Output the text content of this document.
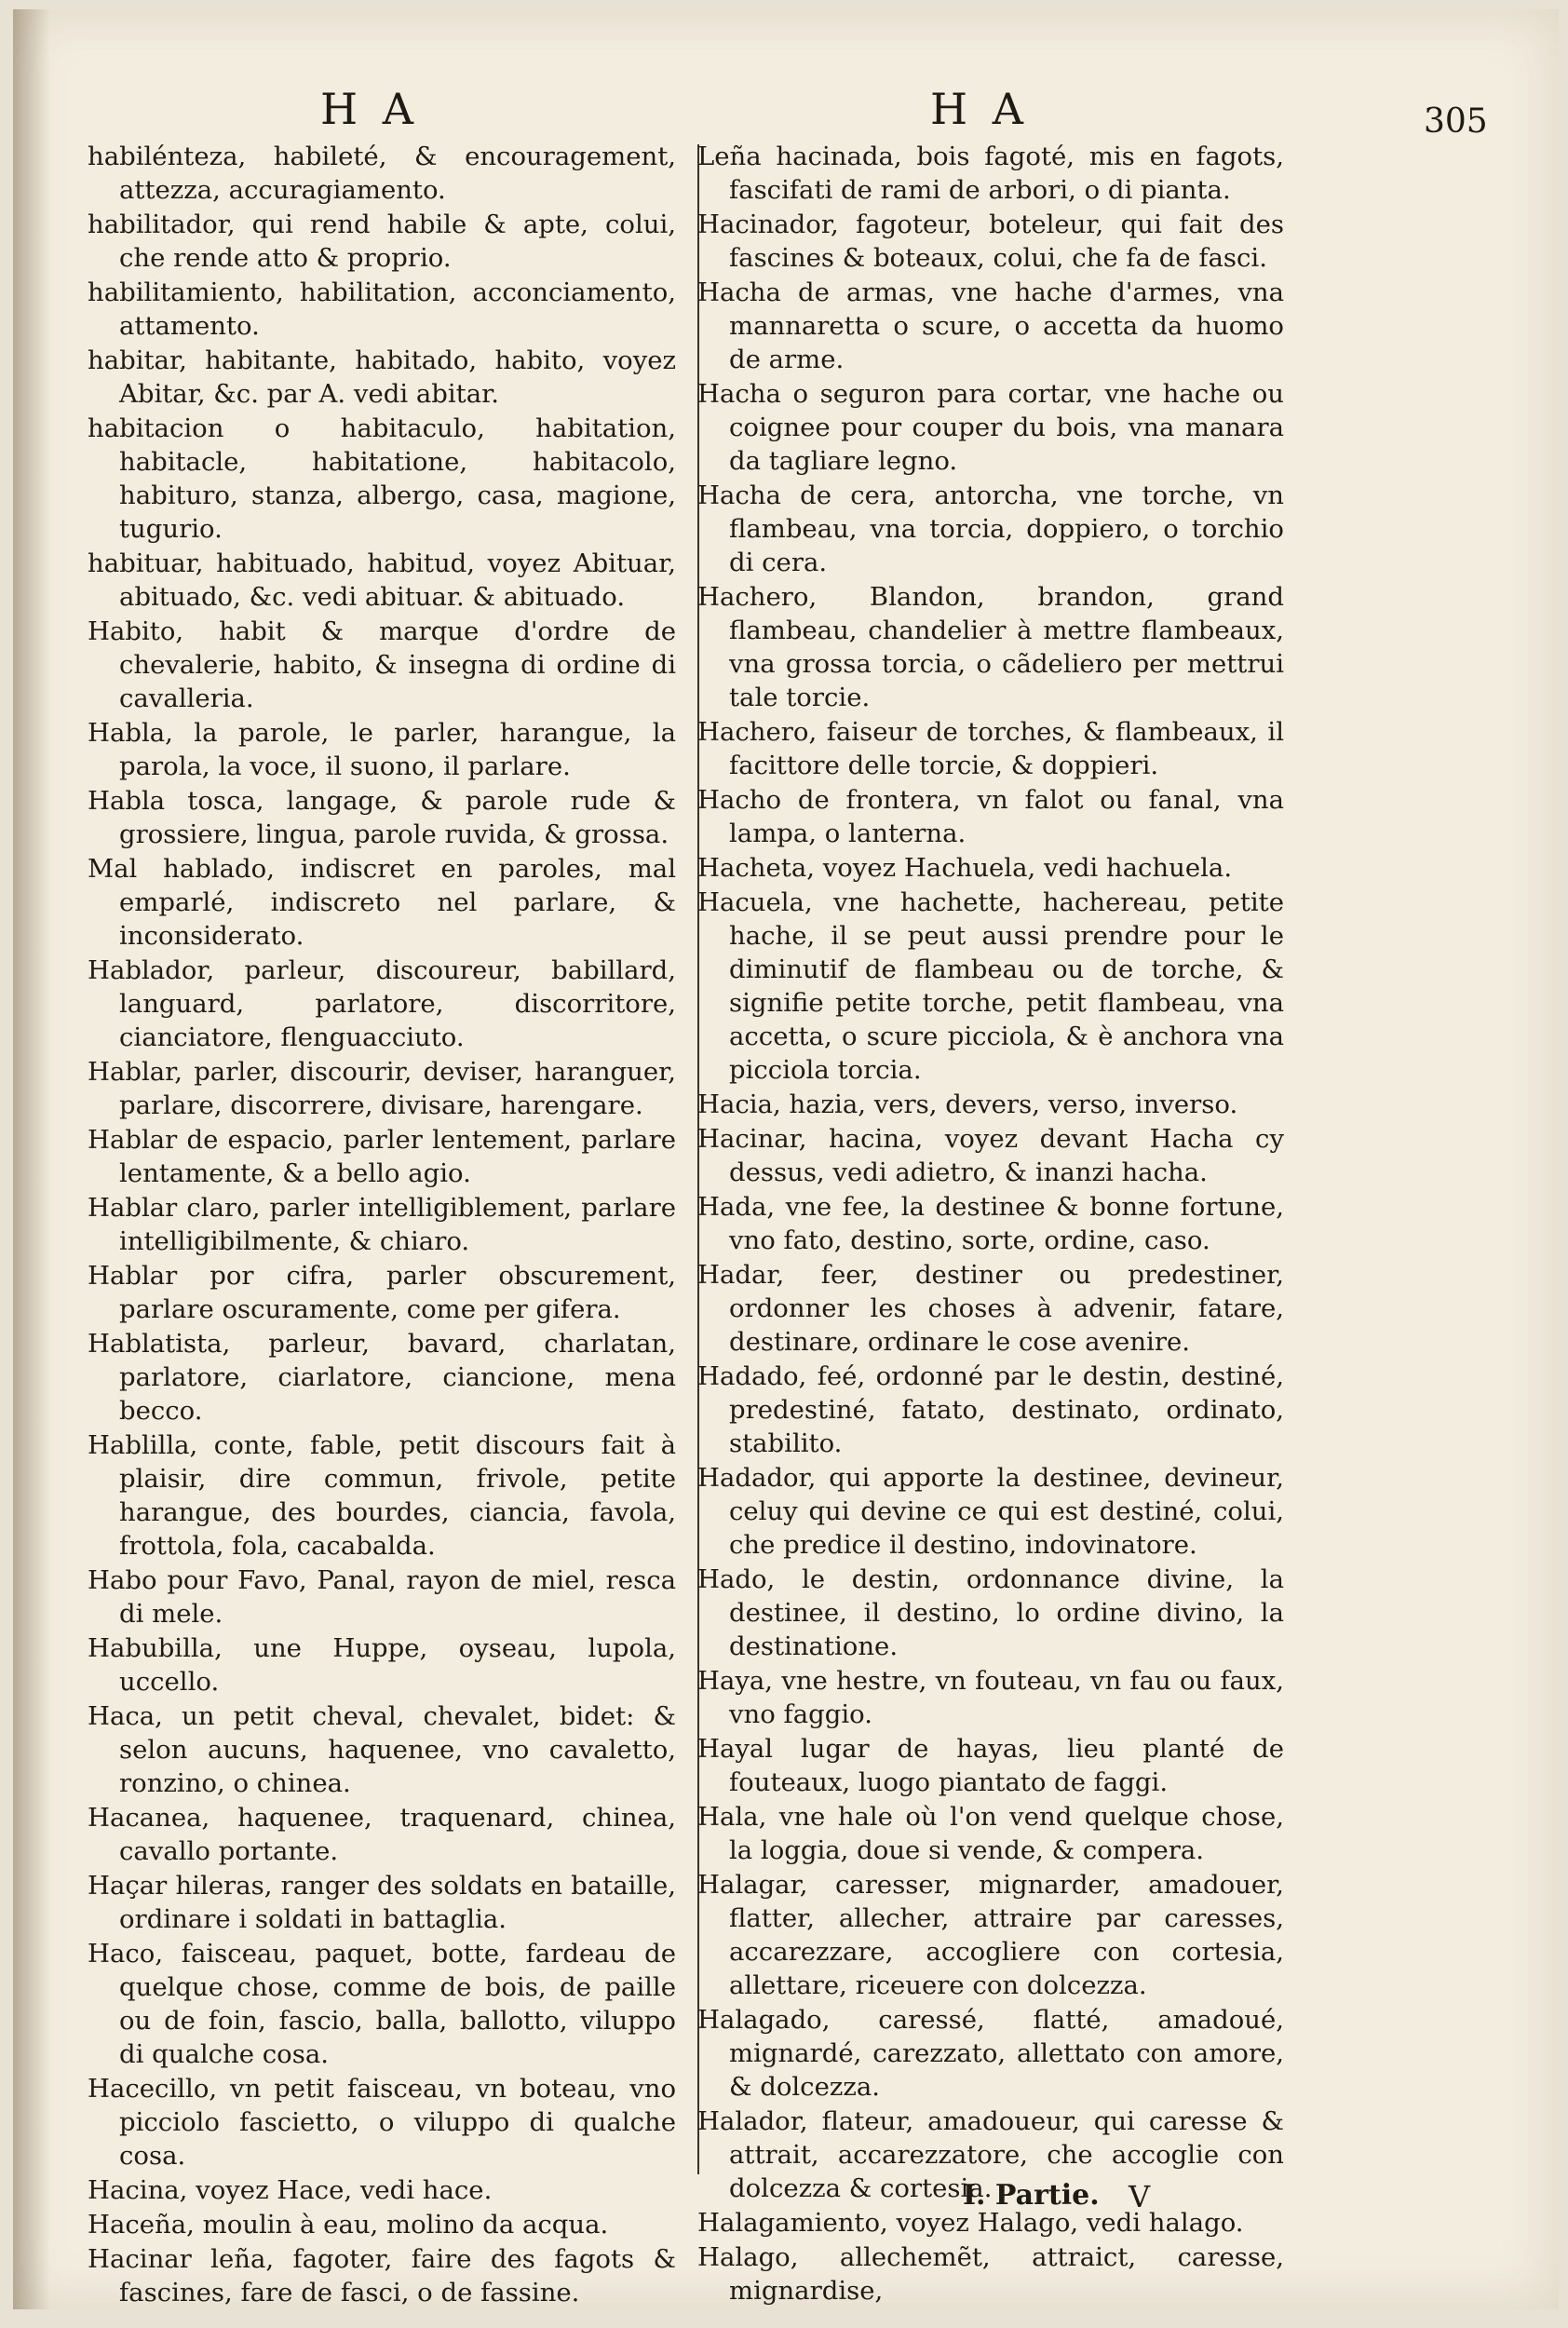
H A	H A	305

habilénteza, habileté, & encouragement, attezza, accuragiamento.

habilitador, qui rend habile & apte, colui, che rende atto & proprio.

habilitamiento, habilitation, acconciamento, attamento.

habitar, habitante, habitado, habito, voyez Abitar, &c. par A. vedi abitar.

habitacion o habitaculo, habitation, habitacle, habitatione, habitacolo, habituro, stanza, albergo, casa, magione, tugurio.

habituar, habituado, habitud, voyez Abituar, abituado, &c. vedi abituar. & abituado.

Habito, habit & marque d'ordre de chevalerie, habito, & insegna di ordine di cavalleria.

Habla, la parole, le parler, harangue, la parola, la voce, il suono, il parlare.

Habla tosca, langage, & parole rude & grossiere, lingua, parole ruvida, & grossa.

Mal hablado, indiscret en paroles, mal emparlé, indiscreto nel parlare, & inconsiderato.

Hablador, parleur, discoureur, babillard, languard, parlatore, discorritore, cianciatore, flenguacciuto.

Hablar, parler, discourir, deviser, haranguer, parlare, discorrere, divisare, harengare.

Hablar de espacio, parler lentement, parlare lentamente, & a bello agio.

Hablar claro, parler intelligiblement, parlare intelligibilmente, & chiaro.

Hablar por cifra, parler obscurement, parlare oscuramente, come per gifera.

Hablatista, parleur, bavard, charlatan, parlatore, ciarlatore, ciancione, mena becco.

Hablilla, conte, fable, petit discours fait à plaisir, dire commun, frivole, petite harangue, des bourdes, ciancia, favola, frottola, fola, cacabalda.

Habo pour Favo, Panal, rayon de miel, resca di mele.

Habubilla, une Huppe, oyseau, lupola, uccello.

Haca, un petit cheval, chevalet, bidet: & selon aucuns, haquenee, vno cavaletto, ronzino, o chinea.

Hacanea, haquenee, traquenard, chinea, cavallo portante.

Haçar hileras, ranger des soldats en bataille, ordinare i soldati in battaglia.

Haco, faisceau, paquet, botte, fardeau de quelque chose, comme de bois, de paille ou de foin, fascio, balla, ballotto, viluppo di qualche cosa.

Hacecillo, vn petit faisceau, vn boteau, vno picciolo fascietto, o viluppo di qualche cosa.

Hacina, voyez Hace, vedi hace.

Haceña, moulin à eau, molino da acqua.

Hacinar leña, fagoter, faire des fagots & fascines, fare de fasci, o de fassine.

Leña hacinada, bois fagoté, mis en fagots, fascifati de rami de arbori, o di pianta.

Hacinador, fagoteur, boteleur, qui fait des fascines & boteaux, colui, che fa de fasci.

Hacha de armas, vne hache d'armes, vna mannaretta o scure, o accetta da huomo de arme.

Hacha o seguron para cortar, vne hache ou coignee pour couper du bois, vna manara da tagliare legno.

Hacha de cera, antorcha, vne torche, vn flambeau, vna torcia, doppiero, o torchio di cera.

Hachero, Blandon, brandon, grand flambeau, chandelier à mettre flambeaux, vna grossa torcia, o cãdeliero per mettrui tale torcie.

Hachero, faiseur de torches, & flambeaux, il facittore delle torcie, & doppieri.

Hacho de frontera, vn falot ou fanal, vna lampa, o lanterna.

Hacheta, voyez Hachuela, vedi hachuela.

Hacuela, vne hachette, hachereau, petite hache, il se peut aussi prendre pour le diminutif de flambeau ou de torche, & signifie petite torche, petit flambeau, vna accetta, o scure picciola, & è anchora vna picciola torcia.

Hacia, hazia, vers, devers, verso, inverso.

Hacinar, hacina, voyez devant Hacha cy dessus, vedi adietro, & inanzi hacha.

Hada, vne fee, la destinee & bonne fortune, vno fato, destino, sorte, ordine, caso.

Hadar, feer, destiner ou predestiner, ordonner les choses à advenir, fatare, destinare, ordinare le cose avenire.

Hadado, feé, ordonné par le destin, destiné, predestiné, fatato, destinato, ordinato, stabilito.

Hadador, qui apporte la destinee, devineur, celuy qui devine ce qui est destiné, colui, che predice il destino, indovinatore.

Hado, le destin, ordonnance divine, la destinee, il destino, lo ordine divino, la destinatione.

Haya, vne hestre, vn fouteau, vn fau ou faux, vno faggio.

Hayal lugar de hayas, lieu planté de fouteaux, luogo piantato de faggi.

Hala, vne hale où l'on vend quelque chose, la loggia, doue si vende, & compera.

Halagar, caresser, mignarder, amadouer, flatter, allecher, attraire par caresses, accarezzare, accogliere con cortesia, allettare, riceuere con dolcezza.

Halagado, caressé, flatté, amadoué, mignardé, carezzato, allettato con amore, & dolcezza.

Halador, flateur, amadoueur, qui caresse & attrait, accarezzatore, che accoglie con dolcezza & cortesia.

Halagamiento, voyez Halago, vedi halago.

Halago, allechemẽt, attraict, caresse, mignardise,

I. Partie. V
